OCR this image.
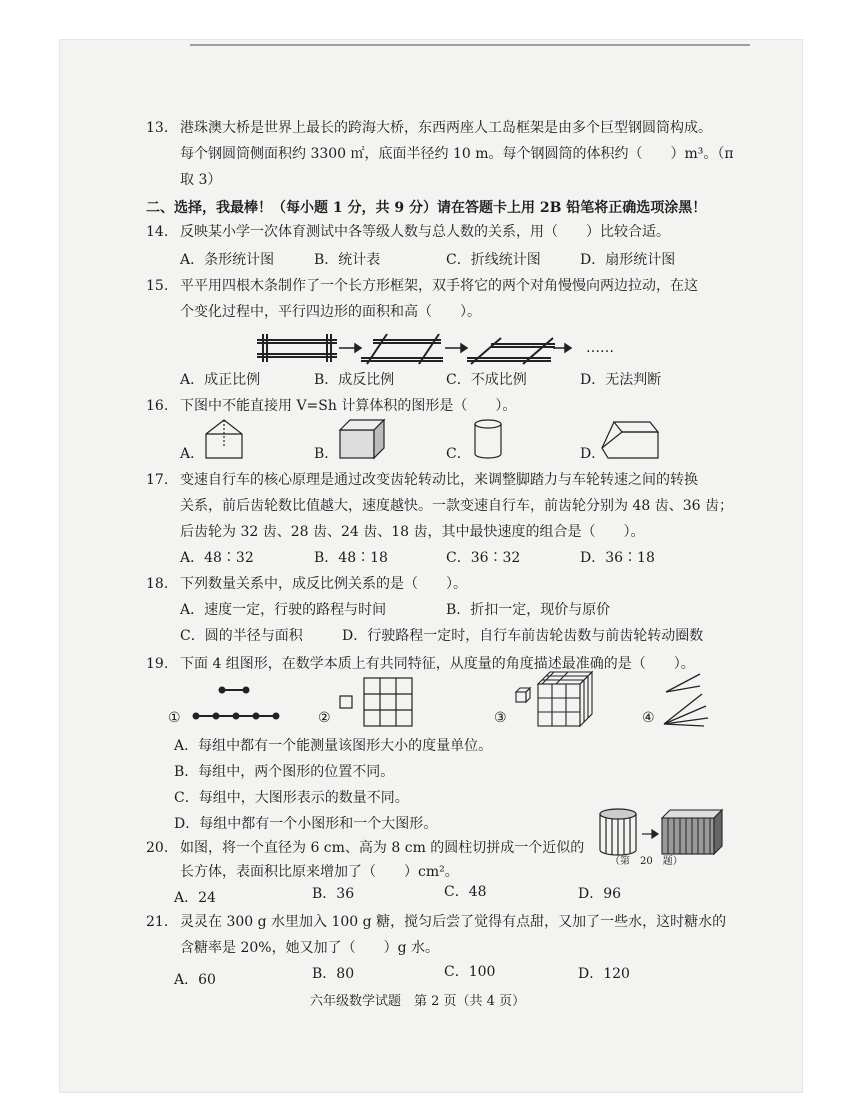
13. 港珠澳大桥是世界上最长的跨海大桥，东西两座人工岛框架是由多个巨型钢圆筒构成。
每个钢圆筒侧面积约 3300 ㎡，底面半径约 10 m。每个钢圆筒的体积约（　　）m³。（π
取 3）
二、选择，我最棒！（每小题 1 分，共 9 分）请在答题卡上用 2B 铅笔将正确选项涂黑！
14. 反映某小学一次体育测试中各等级人数与总人数的关系，用（　　）比较合适。
A．条形统计图	B．统计表	C．折线统计图	D．扇形统计图
15. 平平用四根木条制作了一个长方形框架，双手将它的两个对角慢慢向两边拉动，在这
个变化过程中，平行四边形的面积和高（　　）。
……
A．成正比例	B．成反比例	C．不成比例	D．无法判断
16. 下图中不能直接用 V=Sh 计算体积的图形是（　　）。
A．	B．	C．	D．
17. 变速自行车的核心原理是通过改变齿轮转动比，来调整脚踏力与车轮转速之间的转换
关系，前后齿轮数比值越大，速度越快。一款变速自行车，前齿轮分别为 48 齿、36 齿；
后齿轮为 32 齿、28 齿、24 齿、18 齿，其中最快速度的组合是（　　）。
A．48∶32	B．48∶18	C．36∶32	D．36∶18
18. 下列数量关系中，成反比例关系的是（　　）。
A．速度一定，行驶的路程与时间	B．折扣一定，现价与原价
C．圆的半径与面积	D．行驶路程一定时，自行车前齿轮齿数与前齿轮转动圈数
19. 下面 4 组图形，在数学本质上有共同特征，从度量的角度描述最准确的是（　　）。
①	②	③	④
A．每组中都有一个能测量该图形大小的度量单位。
B．每组中，两个图形的位置不同。
C．每组中，大图形表示的数量不同。
D．每组中都有一个小图形和一个大图形。
20. 如图，将一个直径为 6 cm、高为 8 cm 的圆柱切拼成一个近似的
长方体，表面积比原来增加了（　　）cm²。
（第　20　题）
A．24	B．36	C．48	D．96
21. 灵灵在 300 g 水里加入 100 g 糖，搅匀后尝了觉得有点甜，又加了一些水，这时糖水的
含糖率是 20%，她又加了（　　）g 水。
A．60	B．80	C．100	D．120
六年级数学试题　第 2 页（共 4 页）
